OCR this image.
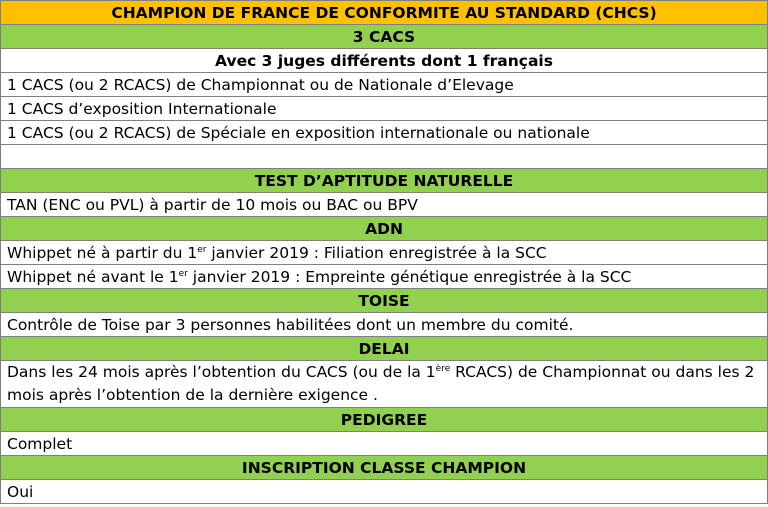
CHAMPION DE FRANCE DE CONFORMITE AU STANDARD (CHCS)
3 CACS
Avec 3 juges différents dont 1 français
1 CACS (ou 2 RCACS) de Championnat ou de Nationale d’Elevage
1 CACS d’exposition Internationale
1 CACS (ou 2 RCACS) de Spéciale en exposition internationale ou nationale

TEST D’APTITUDE NATURELLE
TAN (ENC ou PVL) à partir de 10 mois ou BAC ou BPV
ADN
Whippet né à partir du 1er janvier 2019 : Filiation enregistrée à la SCC
Whippet né avant le 1er janvier 2019 : Empreinte génétique enregistrée à la SCC
TOISE
Contrôle de Toise par 3 personnes habilitées dont un membre du comité.
DELAI
Dans les 24 mois après l’obtention du CACS (ou de la 1ère RCACS) de Championnat ou dans les 2 mois après l’obtention de la dernière exigence .
PEDIGREE
Complet
INSCRIPTION CLASSE CHAMPION
Oui
